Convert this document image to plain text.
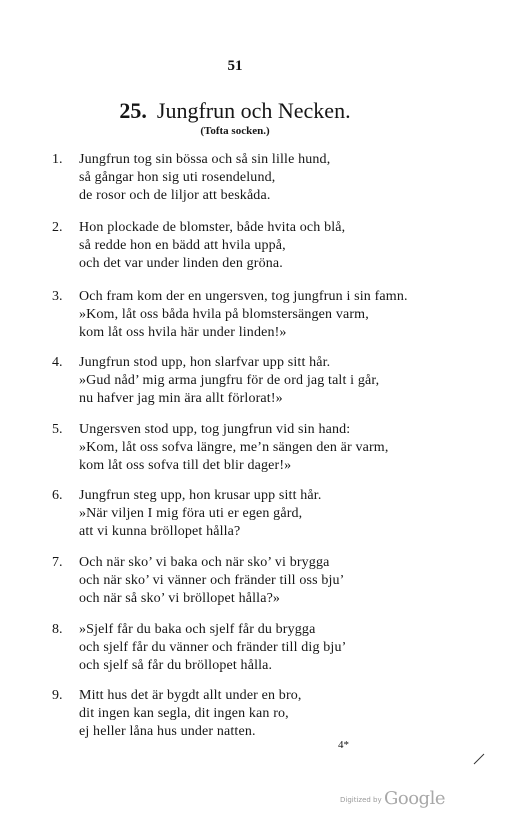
51
25. Jungfrun och Necken.
(Tofta socken.)
1.	Jungfrun tog sin bössa och så sin lille hund,
så gångar hon sig uti rosendelund,
de rosor och de liljor att beskåda.
2.	Hon plockade de blomster, både hvita och blå,
så redde hon en bädd att hvila uppå,
och det var under linden den gröna.
3.	Och fram kom der en ungersven, tog jungfrun i sin famn.
»Kom, låt oss båda hvila på blomstersängen varm,
kom låt oss hvila här under linden!»
4.	Jungfrun stod upp, hon slarfvar upp sitt hår.
»Gud nåd’ mig arma jungfru för de ord jag talt i går,
nu hafver jag min ära allt förlorat!»
5.	Ungersven stod upp, tog jungfrun vid sin hand:
»Kom, låt oss sofva längre, me’n sängen den är varm,
kom låt oss sofva till det blir dager!»
6.	Jungfrun steg upp, hon krusar upp sitt hår.
»När viljen I mig föra uti er egen gård,
att vi kunna bröllopet hålla?
7.	Och när sko’ vi baka och när sko’ vi brygga
och när sko’ vi vänner och fränder till oss bju’
och när så sko’ vi bröllopet hålla?»
8.	»Sjelf får du baka och sjelf får du brygga
och sjelf får du vänner och fränder till dig bju’
och sjelf så får du bröllopet hålla.
9.	Mitt hus det är bygdt allt under en bro,
dit ingen kan segla, dit ingen kan ro,
ej heller låna hus under natten.
4*
Digitized by Google
